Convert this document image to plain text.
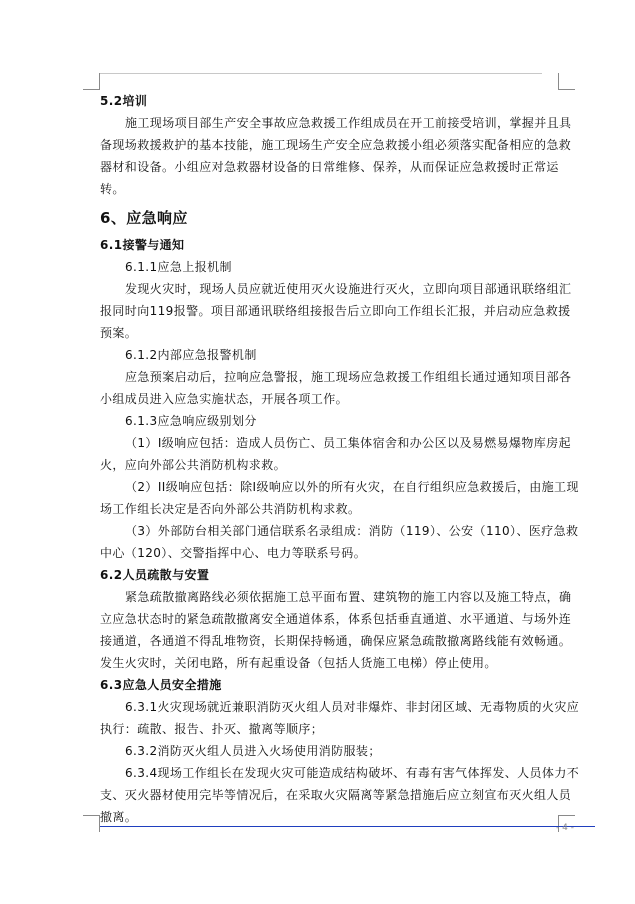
5.2培训

施工现场项目部生产安全事故应急救援工作组成员在开工前接受培训，掌握并且具备现场救援救护的基本技能，施工现场生产安全应急救援小组必须落实配备相应的急救器材和设备。小组应对急救器材设备的日常维修、保养，从而保证应急救援时正常运转。

6、应急响应

6.1接警与通知

6.1.1应急上报机制

发现火灾时，现场人员应就近使用灭火设施进行灭火，立即向项目部通讯联络组汇报同时向119报警。项目部通讯联络组接报告后立即向工作组长汇报，并启动应急救援预案。

6.1.2内部应急报警机制

应急预案启动后，拉响应急警报，施工现场应急救援工作组组长通过通知项目部各小组成员进入应急实施状态，开展各项工作。

6.1.3应急响应级别划分

（1）I级响应包括：造成人员伤亡、员工集体宿舍和办公区以及易燃易爆物库房起火，应向外部公共消防机构求救。

（2）II级响应包括：除I级响应以外的所有火灾，在自行组织应急救援后，由施工现场工作组长决定是否向外部公共消防机构求救。

（3）外部防台相关部门通信联系名录组成：消防（119）、公安（110）、医疗急救中心（120）、交警指挥中心、电力等联系号码。

6.2人员疏散与安置

紧急疏散撤离路线必须依据施工总平面布置、建筑物的施工内容以及施工特点，确立应急状态时的紧急疏散撤离安全通道体系，体系包括垂直通道、水平通道、与场外连接通道，各通道不得乱堆物资，长期保持畅通，确保应紧急疏散撤离路线能有效畅通。发生火灾时，关闭电路，所有起重设备（包括人货施工电梯）停止使用。

6.3应急人员安全措施

6.3.1火灾现场就近兼职消防灭火组人员对非爆炸、非封闭区域、无毒物质的火灾应执行：疏散、报告、扑灭、撤离等顺序；

6.3.2消防灭火组人员进入火场使用消防服装；

6.3.4现场工作组长在发现火灾可能造成结构破坏、有毒有害气体挥发、人员体力不支、灭火器材使用完毕等情况后，在采取火灾隔离等紧急措施后应立刻宣布灭火组人员撤离。

- 4 -
